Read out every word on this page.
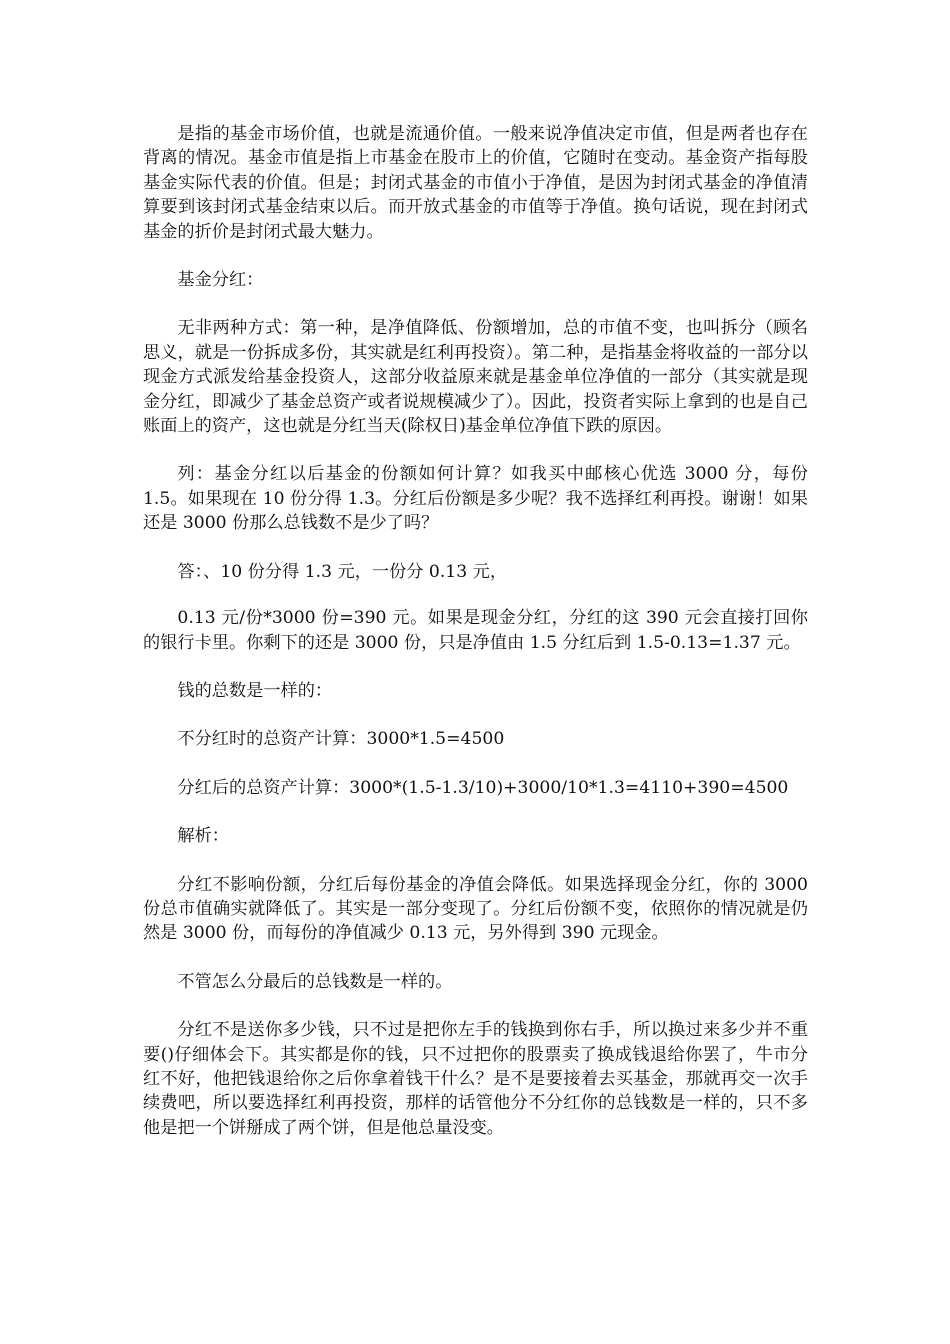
是指的基金市场价值，也就是流通价值。一般来说净值决定市值，但是两者也存在背离的情况。基金市值是指上市基金在股市上的价值，它随时在变动。基金资产指每股基金实际代表的价值。但是；封闭式基金的市值小于净值，是因为封闭式基金的净值清算要到该封闭式基金结束以后。而开放式基金的市值等于净值。换句话说，现在封闭式基金的折价是封闭式最大魅力。

基金分红：

无非两种方式：第一种，是净值降低、份额增加，总的市值不变，也叫拆分（顾名思义，就是一份拆成多份，其实就是红利再投资）。第二种，是指基金将收益的一部分以现金方式派发给基金投资人，这部分收益原来就是基金单位净值的一部分（其实就是现金分红，即减少了基金总资产或者说规模减少了）。因此，投资者实际上拿到的也是自己账面上的资产，这也就是分红当天(除权日)基金单位净值下跌的原因。

列：基金分红以后基金的份额如何计算？如我买中邮核心优选 3000 分，每份 1.5。如果现在 10 份分得 1.3。分红后份额是多少呢？我不选择红利再投。谢谢！如果还是 3000 份那么总钱数不是少了吗？

答：、10 份分得 1.3 元，一份分 0.13 元，

0.13 元/份*3000 份=390 元。如果是现金分红，分红的这 390 元会直接打回你的银行卡里。你剩下的还是 3000 份，只是净值由 1.5 分红后到 1.5-0.13=1.37 元。

钱的总数是一样的：

不分红时的总资产计算：3000*1.5=4500

分红后的总资产计算：3000*(1.5-1.3/10)+3000/10*1.3=4110+390=4500

解析：

分红不影响份额，分红后每份基金的净值会降低。如果选择现金分红，你的 3000 份总市值确实就降低了。其实是一部分变现了。分红后份额不变，依照你的情况就是仍然是 3000 份，而每份的净值减少 0.13 元，另外得到 390 元现金。

不管怎么分最后的总钱数是一样的。

分红不是送你多少钱，只不过是把你左手的钱换到你右手，所以换过来多少并不重要()仔细体会下。其实都是你的钱，只不过把你的股票卖了换成钱退给你罢了，牛市分红不好，他把钱退给你之后你拿着钱干什么？是不是要接着去买基金，那就再交一次手续费吧，所以要选择红利再投资，那样的话管他分不分红你的总钱数是一样的，只不多他是把一个饼掰成了两个饼，但是他总量没变。
